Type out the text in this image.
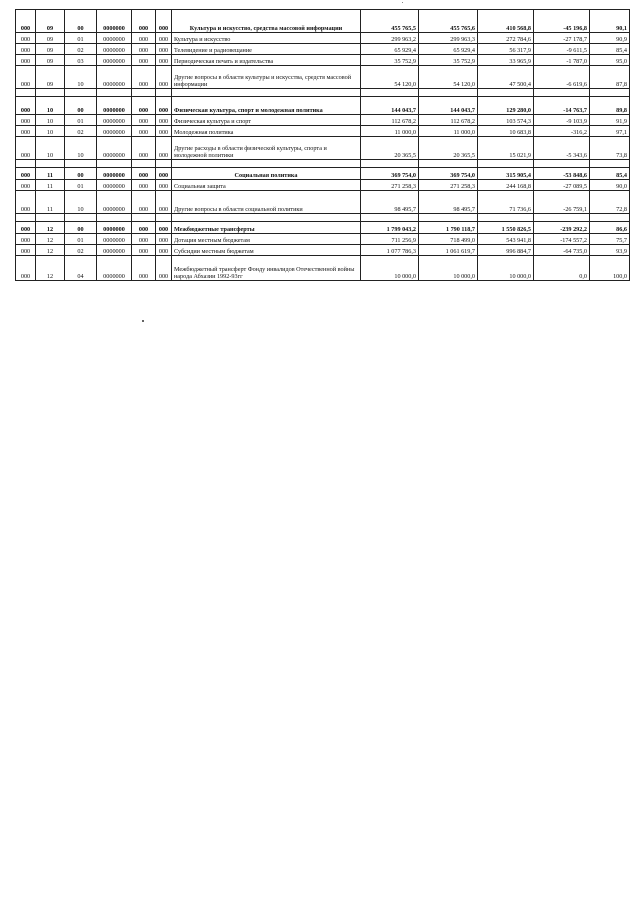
000	09	00	0000000	000	000	Культура и искусство, средства массовой информации	455 765,5	455 765,6	410 568,8	-45 196,8	90,1
000	09	01	0000000	000	000	Культура и искусство	299 963,2	299 963,3	272 784,6	-27 178,7	90,9
000	09	02	0000000	000	000	Телевидение и радиовещание	65 929,4	65 929,4	56 317,9	-9 611,5	85,4
000	09	03	0000000	000	000	Периодическая печать и издательства	35 752,9	35 752,9	33 965,9	-1 787,0	95,0
000	09	10	0000000	000	000	Другие вопросы в области культуры и искусства, средств массовой информации	54 120,0	54 120,0	47 500,4	-6 619,6	87,8

000	10	00	0000000	000	000	Физическая культура, спорт и молодежная политика	144 043,7	144 043,7	129 280,0	-14 763,7	89,8
000	10	01	0000000	000	000	Физическая культура и спорт	112 678,2	112 678,2	103 574,3	-9 103,9	91,9
000	10	02	0000000	000	000	Молодежная политика	11 000,0	11 000,0	10 683,8	-316,2	97,1
000	10	10	0000000	000	000	Другие расходы в области физической культуры, спорта и молодежной политики	20 365,5	20 365,5	15 021,9	-5 343,6	73,8

000	11	00	0000000	000	000	Социальная политика	369 754,0	369 754,0	315 905,4	-53 848,6	85,4
000	11	01	0000000	000	000	Социальная защита	271 258,3	271 258,3	244 168,8	-27 089,5	90,0
000	11	10	0000000	000	000	Другие вопросы в области социальной политики	98 495,7	98 495,7	71 736,6	-26 759,1	72,8

000	12	00	0000000	000	000	Межбюджетные трансферты	1 799 043,2	1 790 118,7	1 550 826,5	-239 292,2	86,6
000	12	01	0000000	000	000	Дотация местным бюджетам	711 256,9	718 499,0	543 941,8	-174 557,2	75,7
000	12	02	0000000	000	000	Субсидии местным бюджетам	1 077 786,3	1 061 619,7	996 884,7	-64 735,0	93,9
000	12	04	0000000	000	000	Межбюджетный трансферт Фонду инвалидов Отечественной войны народа Абхазии 1992-93гг	10 000,0	10 000,0	10 000,0	0,0	100,0
